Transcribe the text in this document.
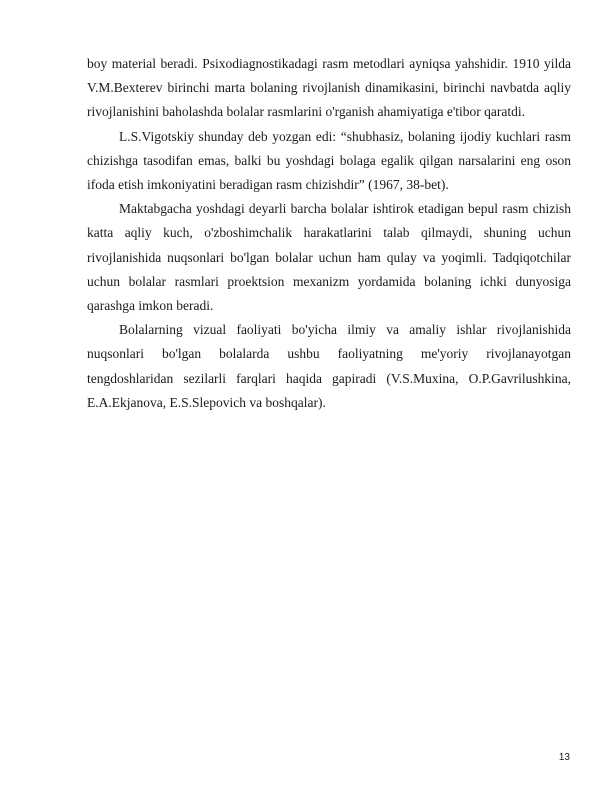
boy material beradi. Psixodiagnostikadagi rasm metodlari ayniqsa yahshidir. 1910 yilda V.M.Bexterev birinchi marta bolaning rivojlanish dinamikasini, birinchi navbatda aqliy rivojlanishini baholashda bolalar rasmlarini o'rganish ahamiyatiga e'tibor qaratdi.

L.S.Vigotskiy shunday deb yozgan edi: “shubhasiz, bolaning ijodiy kuchlari rasm chizishga tasodifan emas, balki bu yoshdagi bolaga egalik qilgan narsalarini eng oson ifoda etish imkoniyatini beradigan rasm chizishdir” (1967, 38-bet).

Maktabgacha yoshdagi deyarli barcha bolalar ishtirok etadigan bepul rasm chizish katta aqliy kuch, o'zboshimchalik harakatlarini talab qilmaydi, shuning uchun rivojlanishida nuqsonlari bo'lgan bolalar uchun ham qulay va yoqimli. Tadqiqotchilar uchun bolalar rasmlari proektsion mexanizm yordamida bolaning ichki dunyosiga qarashga imkon beradi.

Bolalarning vizual faoliyati bo'yicha ilmiy va amaliy ishlar rivojlanishida nuqsonlari bo'lgan bolalarda ushbu faoliyatning me'yoriy rivojlanayotgan tengdoshlaridan sezilarli farqlari haqida gapiradi (V.S.Muxina, O.P.Gavrilushkina, E.A.Ekjanova, E.S.Slepovich va boshqalar).

13
